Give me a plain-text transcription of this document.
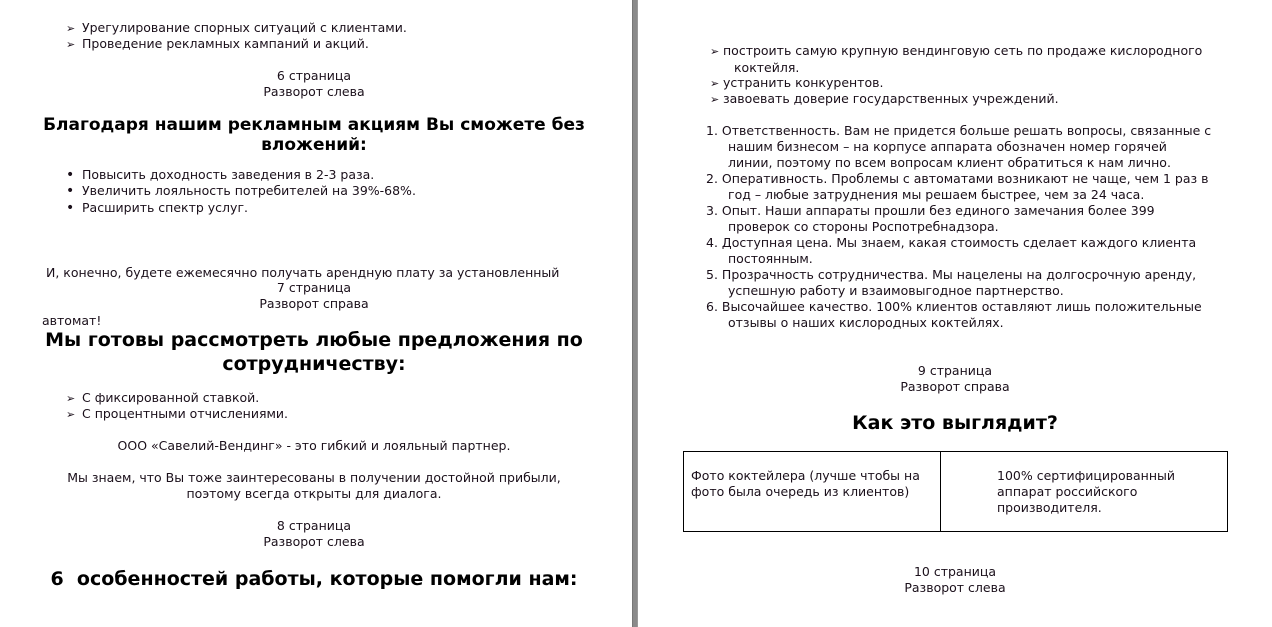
➢ Урегулирование спорных ситуаций с клиентами.
➢ Проведение рекламных кампаний и акций.
6 страница
Разворот слева
Благодаря нашим рекламным акциям Вы сможете без
вложений:
• Повысить доходность заведения в 2-3 раза.
• Увеличить лояльность потребителей на 39%-68%.
• Расширить спектр услуг.

И, конечно, будете ежемесячно получать арендную плату за установленный

автомат!

7 страница
Разворот справа
Мы готовы рассмотреть любые предложения по
сотрудничеству:
➢ С фиксированной ставкой.
➢ С процентными отчислениями.
ООО «Савелий-Вендинг» - это гибкий и лояльный партнер.
Мы знаем, что Вы тоже заинтересованы в получении достойной прибыли,
поэтому всегда открыты для диалога.
8 страница
Разворот слева
6  особенностей работы, которые помогли нам:
➢ построить самую крупную вендинговую сеть по продаже кислородного
коктейля.
➢ устранить конкурентов.
➢ завоевать доверие государственных учреждений.
1. Ответственность. Вам не придется больше решать вопросы, связанные с
нашим бизнесом – на корпусе аппарата обозначен номер горячей
линии, поэтому по всем вопросам клиент обратиться к нам лично.
2. Оперативность. Проблемы с автоматами возникают не чаще, чем 1 раз в
год – любые затруднения мы решаем быстрее, чем за 24 часа.
3. Опыт. Наши аппараты прошли без единого замечания более 399
проверок со стороны Роспотребнадзора.
4. Доступная цена. Мы знаем, какая стоимость сделает каждого клиента
постоянным.
5. Прозрачность сотрудничества. Мы нацелены на долгосрочную аренду,
успешную работу и взаимовыгодное партнерство.
6. Высочайшее качество. 100% клиентов оставляют лишь положительные
отзывы о наших кислородных коктейлях.
9 страница
Разворот справа
Как это выглядит?
10 страница
Разворот слева
Фото коктейлера (лучше чтобы на
фото была очередь из клиентов)
100% сертифицированный
аппарат российского
производителя.
